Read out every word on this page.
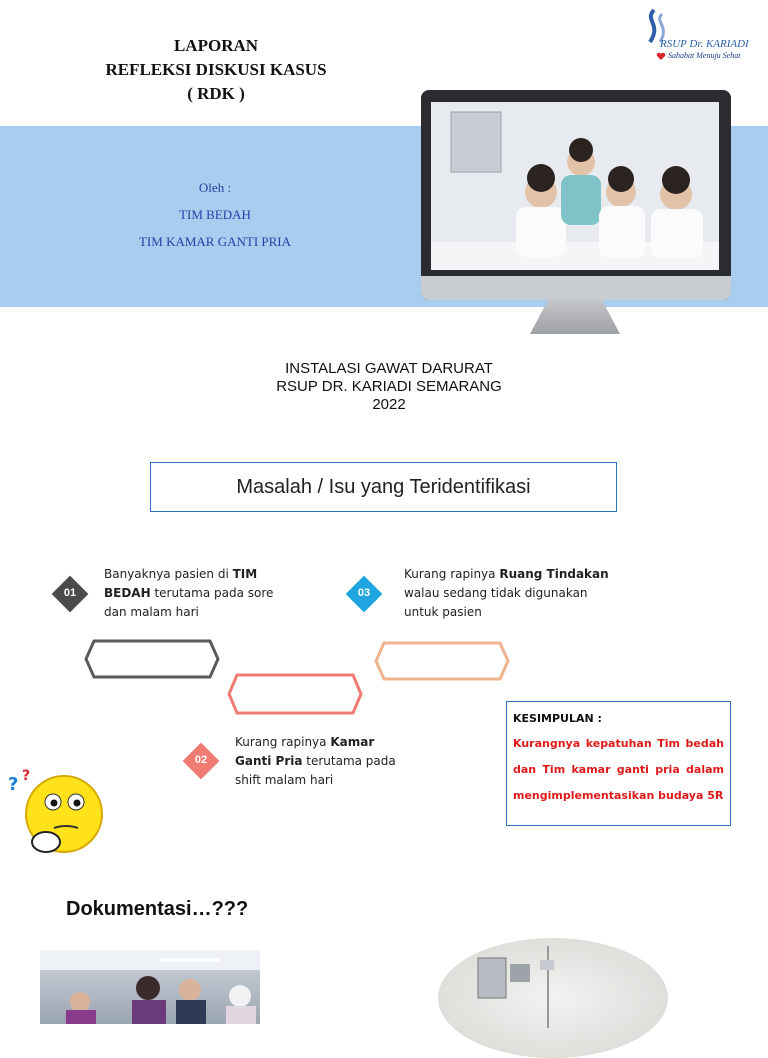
LAPORAN
REFLEKSI DISKUSI KASUS
( RDK )
RSUP Dr. KARIADI
Sahabat Menuju Sehat
Oleh :
TIM BEDAH
TIM KAMAR GANTI PRIA
INSTALASI GAWAT DARURAT
RSUP DR. KARIADI SEMARANG
2022
Masalah / Isu yang Teridentifikasi
01
Banyaknya pasien di TIM BEDAH terutama pada sore dan malam hari
03
Kurang rapinya Ruang Tindakan walau sedang tidak digunakan untuk pasien
02
Kurang rapinya Kamar Ganti Pria terutama pada shift malam hari
KESIMPULAN :
Kurangnya kepatuhan Tim bedah dan Tim kamar ganti pria dalam mengimplementasikan budaya 5R
? ?
Dokumentasi…???
